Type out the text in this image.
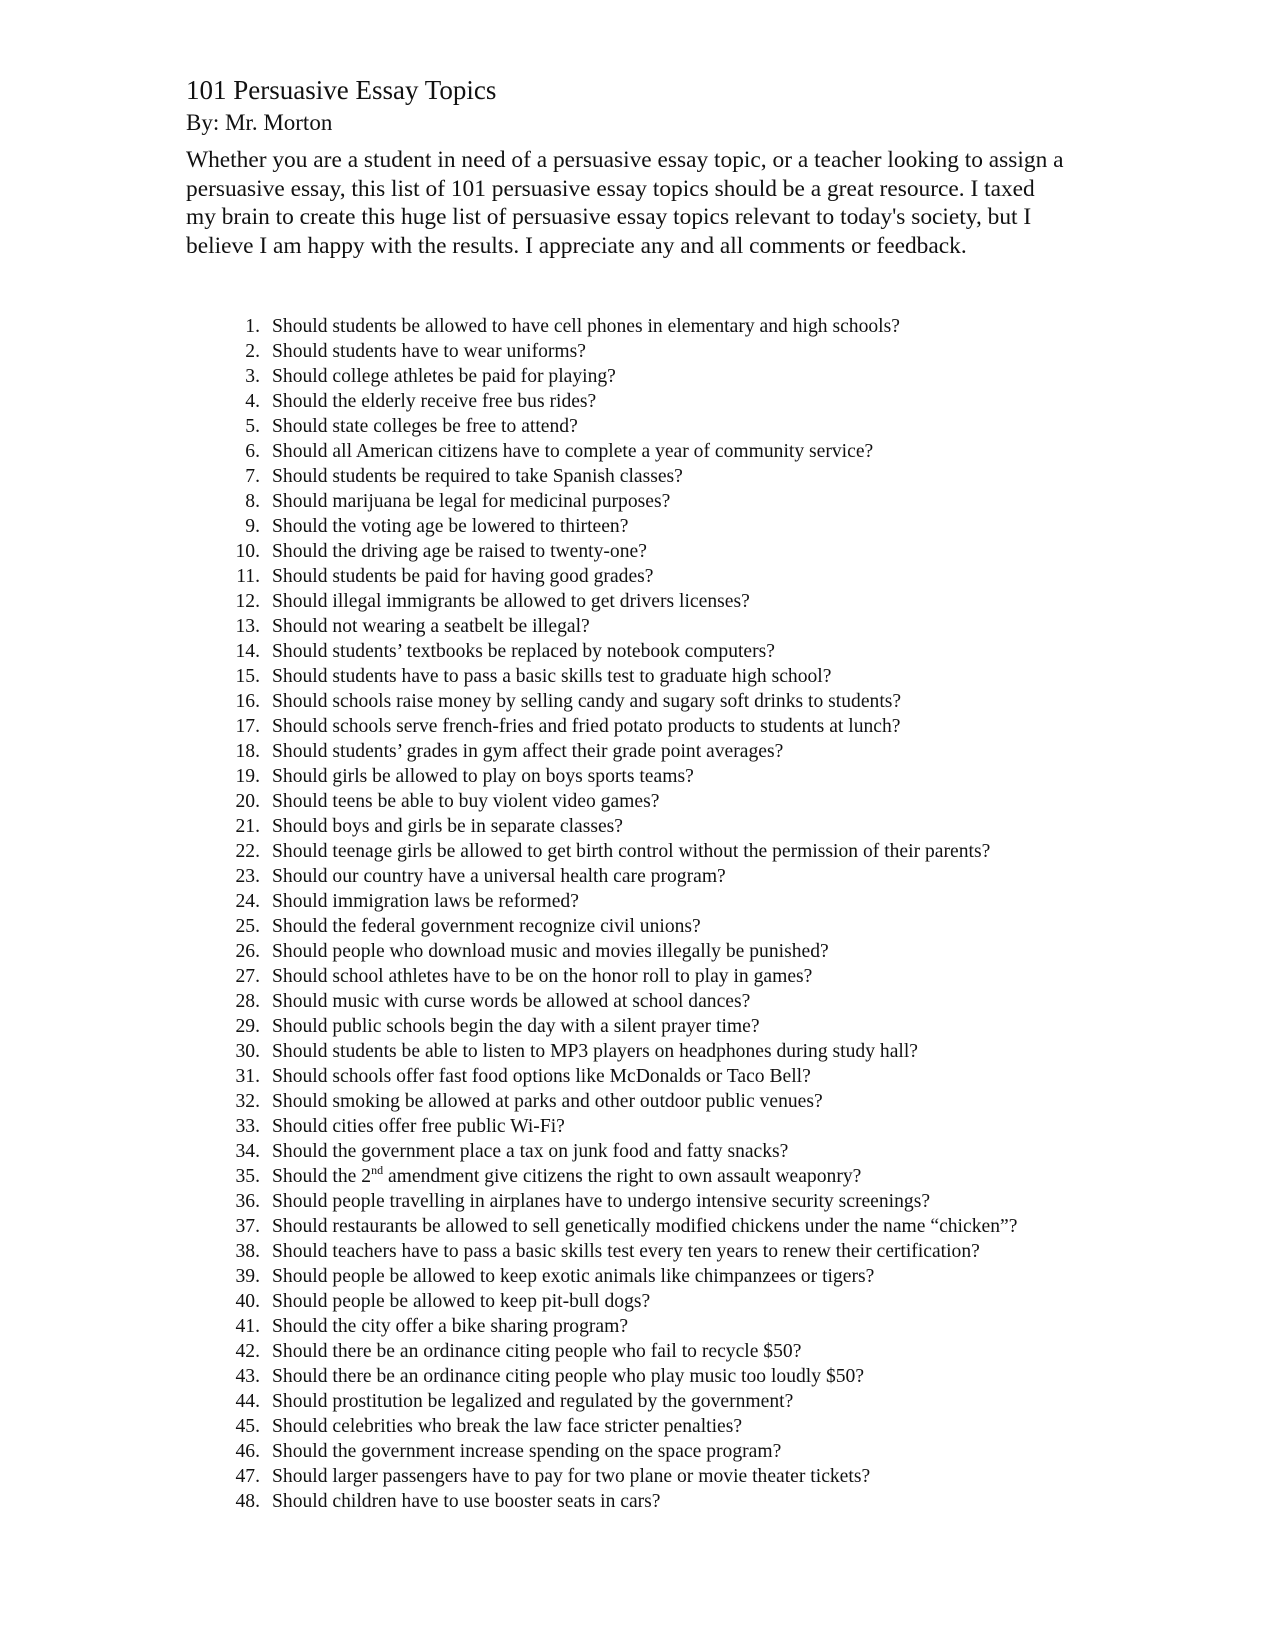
101 Persuasive Essay Topics

By: Mr. Morton

Whether you are a student in need of a persuasive essay topic, or a teacher looking to assign a persuasive essay, this list of 101 persuasive essay topics should be a great resource. I taxed my brain to create this huge list of persuasive essay topics relevant to today's society, but I believe I am happy with the results. I appreciate any and all comments or feedback.

1. Should students be allowed to have cell phones in elementary and high schools?
2. Should students have to wear uniforms?
3. Should college athletes be paid for playing?
4. Should the elderly receive free bus rides?
5. Should state colleges be free to attend?
6. Should all American citizens have to complete a year of community service?
7. Should students be required to take Spanish classes?
8. Should marijuana be legal for medicinal purposes?
9. Should the voting age be lowered to thirteen?
10. Should the driving age be raised to twenty-one?
11. Should students be paid for having good grades?
12. Should illegal immigrants be allowed to get drivers licenses?
13. Should not wearing a seatbelt be illegal?
14. Should students’ textbooks be replaced by notebook computers?
15. Should students have to pass a basic skills test to graduate high school?
16. Should schools raise money by selling candy and sugary soft drinks to students?
17. Should schools serve french-fries and fried potato products to students at lunch?
18. Should students’ grades in gym affect their grade point averages?
19. Should girls be allowed to play on boys sports teams?
20. Should teens be able to buy violent video games?
21. Should boys and girls be in separate classes?
22. Should teenage girls be allowed to get birth control without the permission of their parents?
23. Should our country have a universal health care program?
24. Should immigration laws be reformed?
25. Should the federal government recognize civil unions?
26. Should people who download music and movies illegally be punished?
27. Should school athletes have to be on the honor roll to play in games?
28. Should music with curse words be allowed at school dances?
29. Should public schools begin the day with a silent prayer time?
30. Should students be able to listen to MP3 players on headphones during study hall?
31. Should schools offer fast food options like McDonalds or Taco Bell?
32. Should smoking be allowed at parks and other outdoor public venues?
33. Should cities offer free public Wi-Fi?
34. Should the government place a tax on junk food and fatty snacks?
35. Should the 2nd amendment give citizens the right to own assault weaponry?
36. Should people travelling in airplanes have to undergo intensive security screenings?
37. Should restaurants be allowed to sell genetically modified chickens under the name “chicken”?
38. Should teachers have to pass a basic skills test every ten years to renew their certification?
39. Should people be allowed to keep exotic animals like chimpanzees or tigers?
40. Should people be allowed to keep pit-bull dogs?
41. Should the city offer a bike sharing program?
42. Should there be an ordinance citing people who fail to recycle $50?
43. Should there be an ordinance citing people who play music too loudly $50?
44. Should prostitution be legalized and regulated by the government?
45. Should celebrities who break the law face stricter penalties?
46. Should the government increase spending on the space program?
47. Should larger passengers have to pay for two plane or movie theater tickets?
48. Should children have to use booster seats in cars?
